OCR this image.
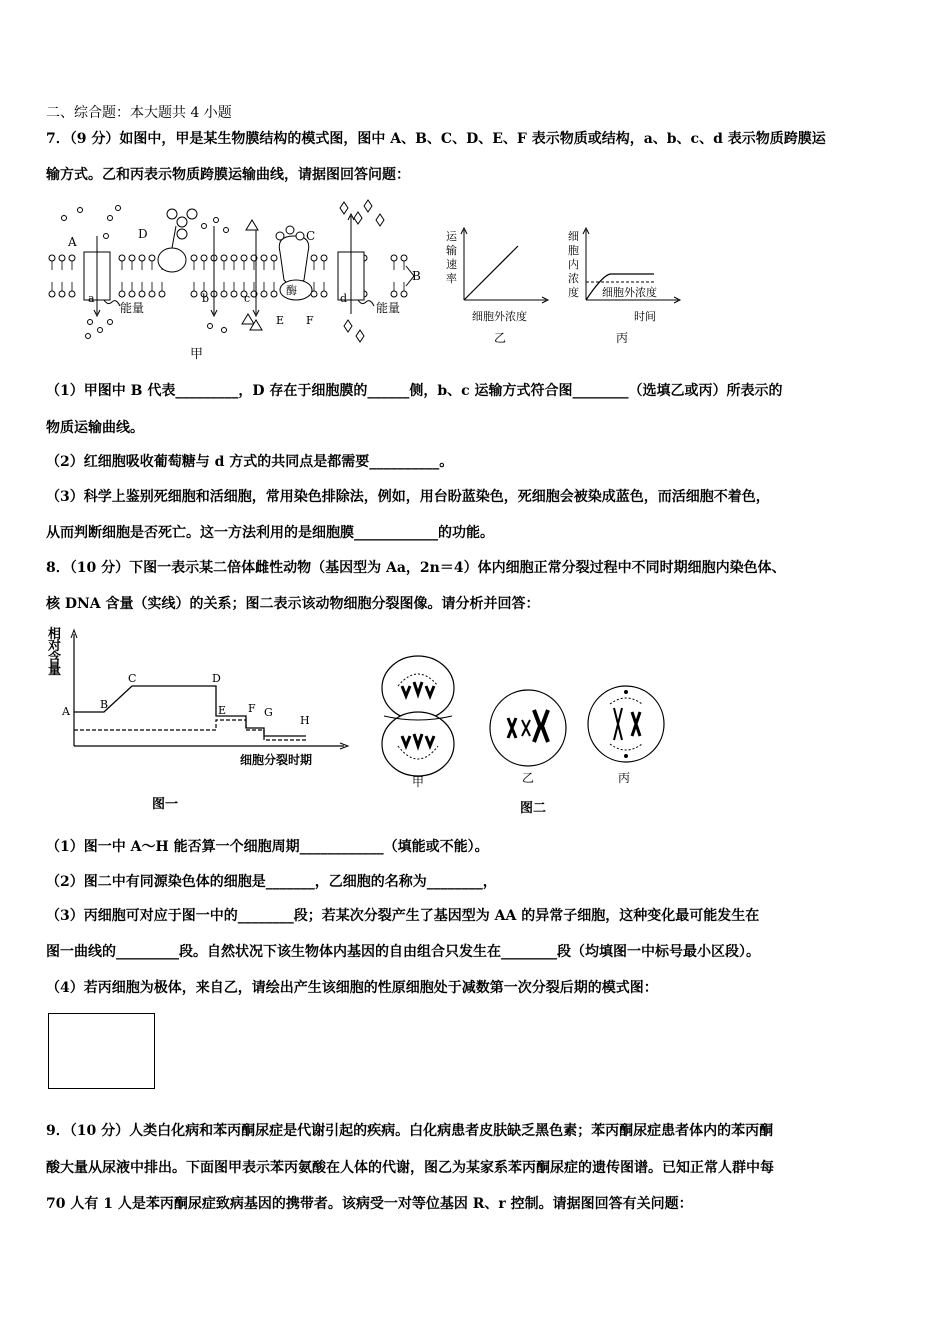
二、综合题：本大题共 4 小题
7．（9 分）如图中，甲是某生物膜结构的模式图，图中 A、B、C、D、E、F 表示物质或结构，a、b、c、d 表示物质跨膜运
输方式。乙和丙表示物质跨膜运输曲线，请据图回答问题：
A
a
能量
D
b	c
酶
E F
C
d
能量
B
甲
运
输
速
率
细胞外浓度
乙
细
胞
内
浓
度 细胞外浓度
时间
丙
（1）甲图中 B 代表_________，D 存在于细胞膜的______侧，b、c 运输方式符合图________（选填乙或丙）所表示的
物质运输曲线。
（2）红细胞吸收葡萄糖与 d 方式的共同点是都需要__________。
（3）科学上鉴别死细胞和活细胞，常用染色排除法，例如，用台盼蓝染色，死细胞会被染成蓝色，而活细胞不着色，
从而判断细胞是否死亡。这一方法利用的是细胞膜____________的功能。
8．（10 分）下图一表示某二倍体雌性动物（基因型为 Aa，2n＝4）体内细胞正常分裂过程中不同时期细胞内染色体、
核 DNA 含量（实线）的关系；图二表示该动物细胞分裂图像。请分析并回答：
相
对
含
量
A
B
C	D
E F G
H
细胞分裂时期
图一
甲	乙	丙
图二
（1）图一中 A～H 能否算一个细胞周期____________（填能或不能）。
（2）图二中有同源染色体的细胞是_______，乙细胞的名称为________，
（3）丙细胞可对应于图一中的________段；若某次分裂产生了基因型为 AA 的异常子细胞，这种变化最可能发生在
图一曲线的_________段。自然状况下该生物体内基因的自由组合只发生在________段（均填图一中标号最小区段）。
（4）若丙细胞为极体，来自乙，请绘出产生该细胞的性原细胞处于减数第一次分裂后期的模式图：
9．（10 分）人类白化病和苯丙酮尿症是代谢引起的疾病。白化病患者皮肤缺乏黑色素；苯丙酮尿症患者体内的苯丙酮
酸大量从尿液中排出。下面图甲表示苯丙氨酸在人体的代谢，图乙为某家系苯丙酮尿症的遗传图谱。已知正常人群中每
70 人有 1 人是苯丙酮尿症致病基因的携带者。该病受一对等位基因 R、r 控制。请据图回答有关问题：
